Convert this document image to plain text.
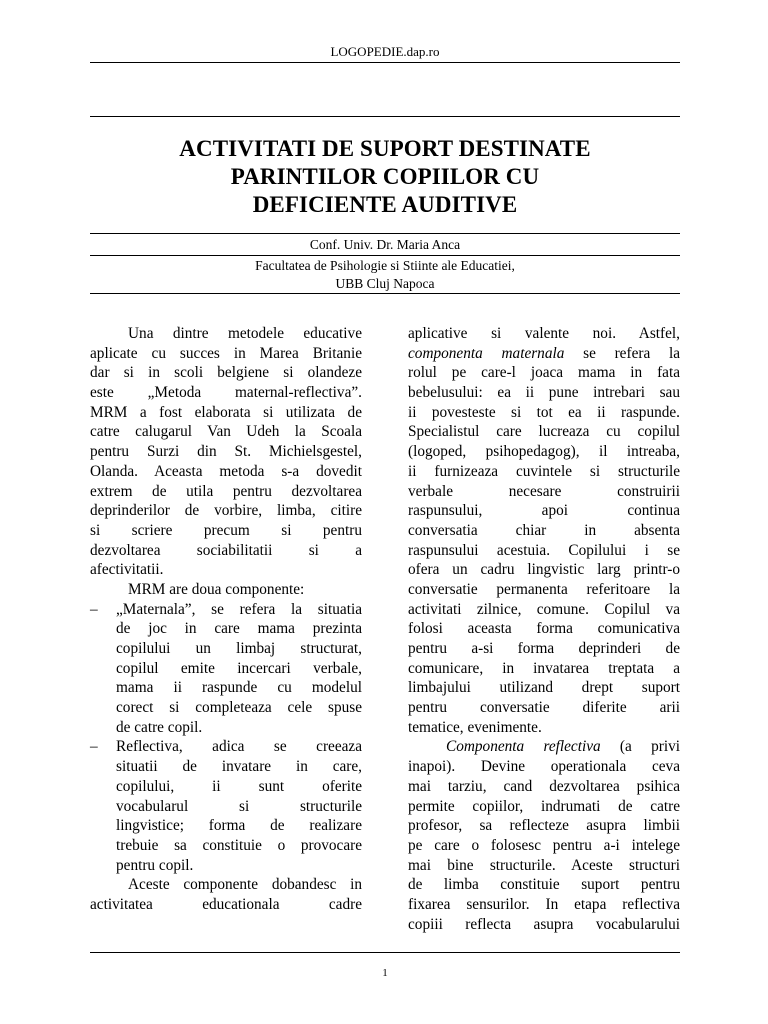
LOGOPEDIE.dap.ro
ACTIVITATI DE SUPORT DESTINATE
PARINTILOR COPIILOR CU
DEFICIENTE AUDITIVE
Conf. Univ. Dr. Maria Anca
Facultatea de Psihologie si Stiinte ale Educatiei,
UBB Cluj Napoca
Una dintre metodele educative
aplicate cu succes in Marea Britanie
dar si in scoli belgiene si olandeze
este „Metoda maternal-reflectiva”.
MRM a fost elaborata si utilizata de
catre calugarul Van Udeh la Scoala
pentru Surzi din St. Michielsgestel,
Olanda. Aceasta metoda s-a dovedit
extrem de utila pentru dezvoltarea
deprinderilor de vorbire, limba, citire
si scriere precum si pentru
dezvoltarea sociabilitatii si a
afectivitatii.
MRM are doua componente:
–	„Maternala”, se refera la situatia
de joc in care mama prezinta
copilului un limbaj structurat,
copilul emite incercari verbale,
mama ii raspunde cu modelul
corect si completeaza cele spuse
de catre copil.
–	Reflectiva, adica se creeaza
situatii de invatare in care,
copilului, ii sunt oferite
vocabularul si structurile
lingvistice; forma de realizare
trebuie sa constituie o provocare
pentru copil.
Aceste componente dobandesc in
activitatea educationala cadre
aplicative si valente noi. Astfel,
componenta maternala se refera la
rolul pe care-l joaca mama in fata
bebelusului: ea ii pune intrebari sau
ii povesteste si tot ea ii raspunde.
Specialistul care lucreaza cu copilul
(logoped, psihopedagog), il intreaba,
ii furnizeaza cuvintele si structurile
verbale necesare construirii
raspunsului, apoi continua
conversatia chiar in absenta
raspunsului acestuia. Copilului i se
ofera un cadru lingvistic larg printr-o
conversatie permanenta referitoare la
activitati zilnice, comune. Copilul va
folosi aceasta forma comunicativa
pentru a-si forma deprinderi de
comunicare, in invatarea treptata a
limbajului utilizand drept suport
pentru conversatie diferite arii
tematice, evenimente.
Componenta reflectiva (a privi
inapoi). Devine operationala ceva
mai tarziu, cand dezvoltarea psihica
permite copiilor, indrumati de catre
profesor, sa reflecteze asupra limbii
pe care o folosesc pentru a-i intelege
mai bine structurile. Aceste structuri
de limba constituie suport pentru
fixarea sensurilor. In etapa reflectiva
copiii reflecta asupra vocabularului
1
